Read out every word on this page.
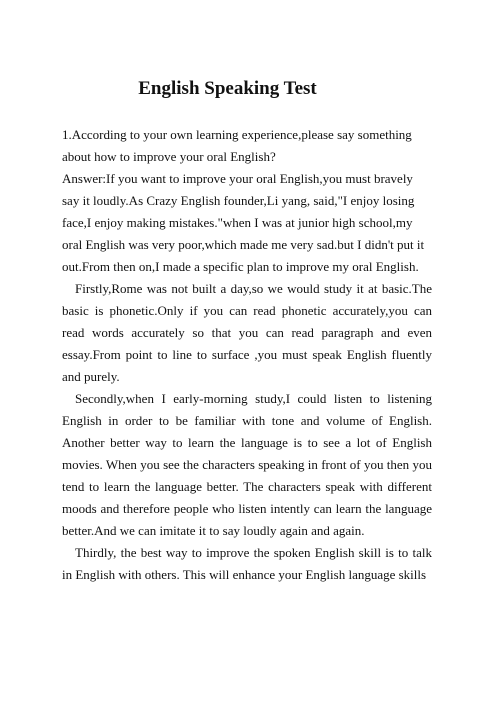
English Speaking Test

1.According to your own learning experience,please say something about how to improve your oral English?

Answer:If you want to improve your oral English,you must bravely say it loudly.As Crazy English founder,Li yang, said,"I enjoy losing face,I enjoy making mistakes."when I was at junior high school,my oral English was very poor,which made me very sad.but I didn't put it out.From then on,I made a specific plan to improve my oral English.

Firstly,Rome was not built a day,so we would study it at basic.The basic is phonetic.Only if you can read phonetic accurately,you can read words accurately so that you can read paragraph and even essay.From point to line to surface ,you must speak English fluently and purely.

Secondly,when I early-morning study,I could listen to listening English in order to be familiar with tone and volume of English. Another better way to learn the language is to see a lot of English movies. When you see the characters speaking in front of you then you tend to learn the language better. The characters speak with different moods and therefore people who listen intently can learn the language better.And we can imitate it to say loudly again and again.

Thirdly, the best way to improve the spoken English skill is to talk in English with others. This will enhance your English language skills
